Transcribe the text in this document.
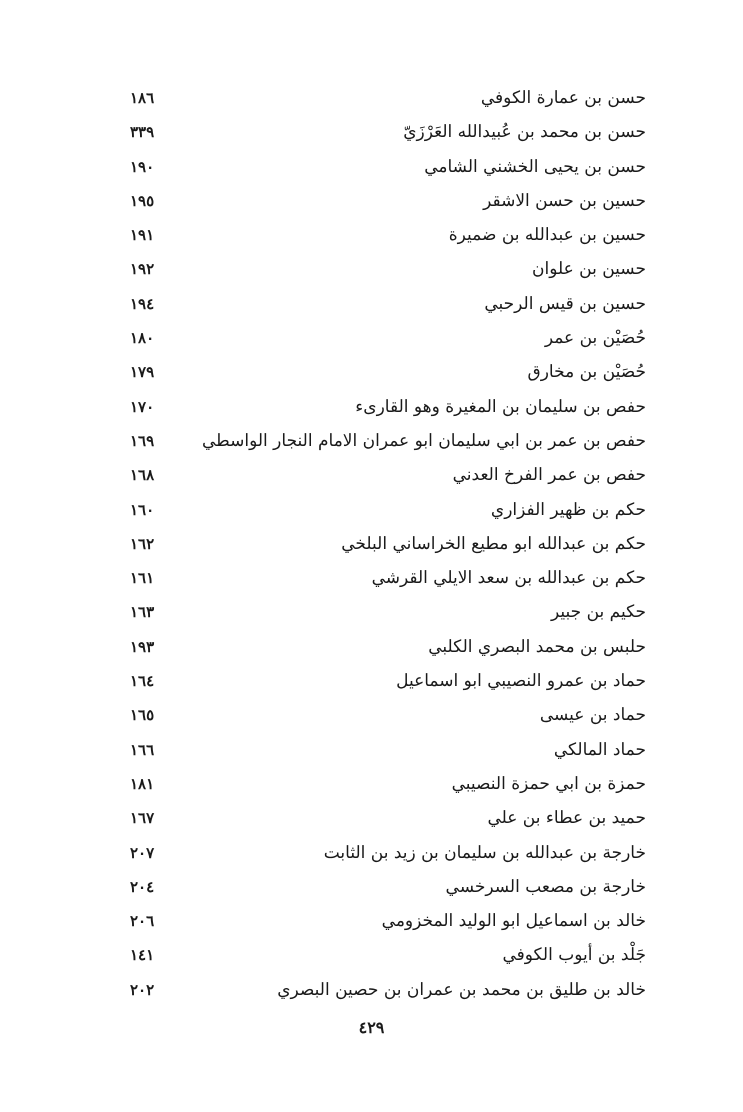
حسن بن عمارة الكوفي
١٨٦
حسن بن محمد بن عُبيدالله العَرْزَيّ
٣٣٩
حسن بن يحيى الخشني الشامي
١٩٠
حسين بن حسن الاشقر
١٩٥
حسين بن عبدالله بن ضميرة
١٩١
حسين بن علوان
١٩٢
حسين بن قيس الرحبي
١٩٤
حُصَيْن بن عمر
١٨٠
حُصَيْن بن مخارق
١٧٩
حفص بن سليمان بن المغيرة وهو القارىء
١٧٠
حفص بن عمر بن ابي سليمان ابو عمران الامام النجار الواسطي
١٦٩
حفص بن عمر الفرخ العدني
١٦٨
حكم بن ظهير الفزاري
١٦٠
حكم بن عبدالله ابو مطيع الخراساني البلخي
١٦٢
حكم بن عبدالله بن سعد الايلي القرشي
١٦١
حكيم بن جبير
١٦٣
حلبس بن محمد البصري الكلبي
١٩٣
حماد بن عمرو النصيبي ابو اسماعيل
١٦٤
حماد بن عيسى
١٦٥
حماد المالكي
١٦٦
حمزة بن ابي حمزة النصيبي
١٨١
حميد بن عطاء بن علي
١٦٧
خارجة بن عبدالله بن سليمان بن زيد بن الثابت
٢٠٧
خارجة بن مصعب السرخسي
٢٠٤
خالد بن اسماعيل ابو الوليد المخزومي
٢٠٦
جَلْد بن أيوب الكوفي
١٤١
خالد بن طليق بن محمد بن عمران بن حصين البصري
٢٠٢
٤٢٩
